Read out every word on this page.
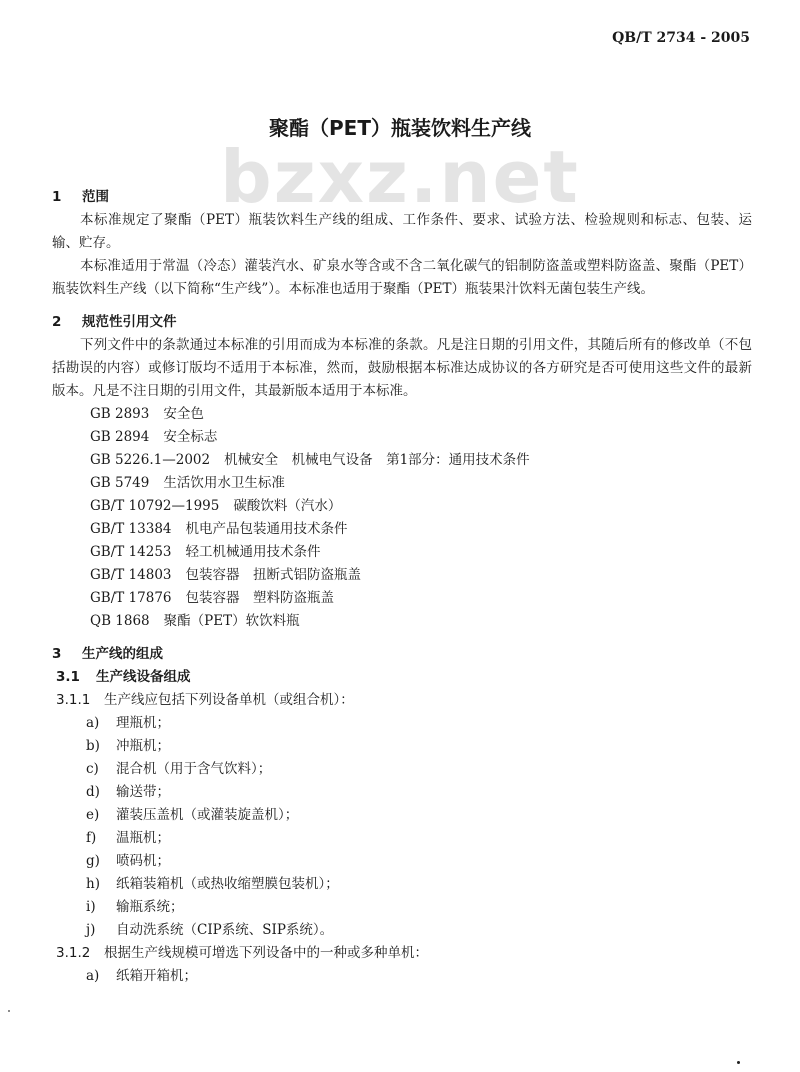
QB/T 2734 - 2005
bzxz.net
聚酯（PET）瓶装饮料生产线
1 范围
本标准规定了聚酯（PET）瓶装饮料生产线的组成、工作条件、要求、试验方法、检验规则和标志、包装、运输、贮存。
本标准适用于常温（冷态）灌装汽水、矿泉水等含或不含二氧化碳气的铝制防盗盖或塑料防盗盖、聚酯（PET）瓶装饮料生产线（以下简称“生产线”）。本标准也适用于聚酯（PET）瓶装果汁饮料无菌包装生产线。
2 规范性引用文件
下列文件中的条款通过本标准的引用而成为本标准的条款。凡是注日期的引用文件，其随后所有的修改单（不包括勘误的内容）或修订版均不适用于本标准，然而，鼓励根据本标准达成协议的各方研究是否可使用这些文件的最新版本。凡是不注日期的引用文件，其最新版本适用于本标准。
GB 2893 安全色
GB 2894 安全标志
GB 5226.1—2002 机械安全　机械电气设备　第1部分：通用技术条件
GB 5749 生活饮用水卫生标准
GB/T 10792—1995 碳酸饮料（汽水）
GB/T 13384 机电产品包装通用技术条件
GB/T 14253 轻工机械通用技术条件
GB/T 14803 包装容器　扭断式铝防盗瓶盖
GB/T 17876 包装容器　塑料防盗瓶盖
QB 1868 聚酯（PET）软饮料瓶
3 生产线的组成
3.1 生产线设备组成
3.1.1 生产线应包括下列设备单机（或组合机）：
a) 理瓶机；
b) 冲瓶机；
c) 混合机（用于含气饮料）；
d) 输送带；
e) 灌装压盖机（或灌装旋盖机）；
f) 温瓶机；
g) 喷码机；
h) 纸箱装箱机（或热收缩塑膜包装机）；
i) 输瓶系统；
j) 自动洗系统（CIP系统、SIP系统）。
3.1.2 根据生产线规模可增选下列设备中的一种或多种单机：
a) 纸箱开箱机；
